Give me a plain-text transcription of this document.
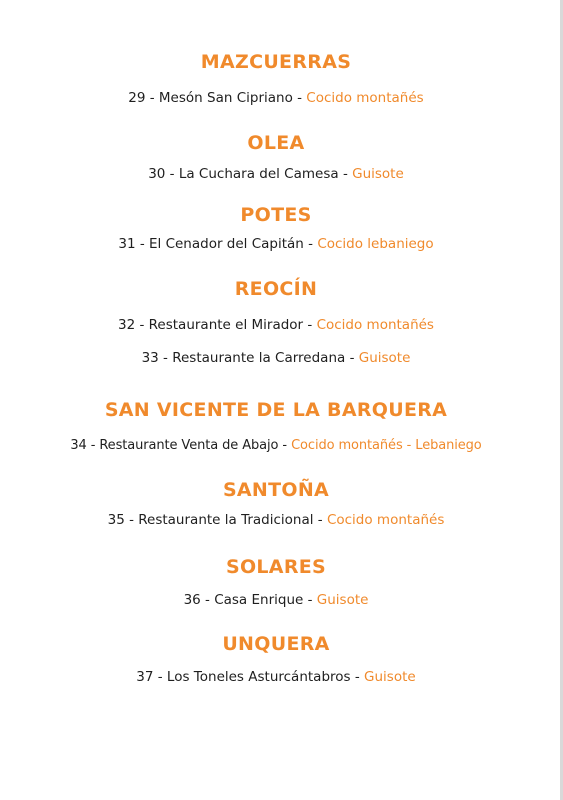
MAZCUERRAS
29 - Mesón San Cipriano - Cocido montañés
OLEA
30 - La Cuchara del Camesa - Guisote
POTES
31 - El Cenador del Capitán - Cocido lebaniego
REOCÍN
32 - Restaurante el Mirador - Cocido montañés
33 - Restaurante la Carredana - Guisote
SAN VICENTE DE LA BARQUERA
34 - Restaurante Venta de Abajo - Cocido montañés - Lebaniego
SANTOÑA
35 - Restaurante la Tradicional - Cocido montañés
SOLARES
36 - Casa Enrique - Guisote
UNQUERA
37 - Los Toneles Asturcántabros - Guisote
